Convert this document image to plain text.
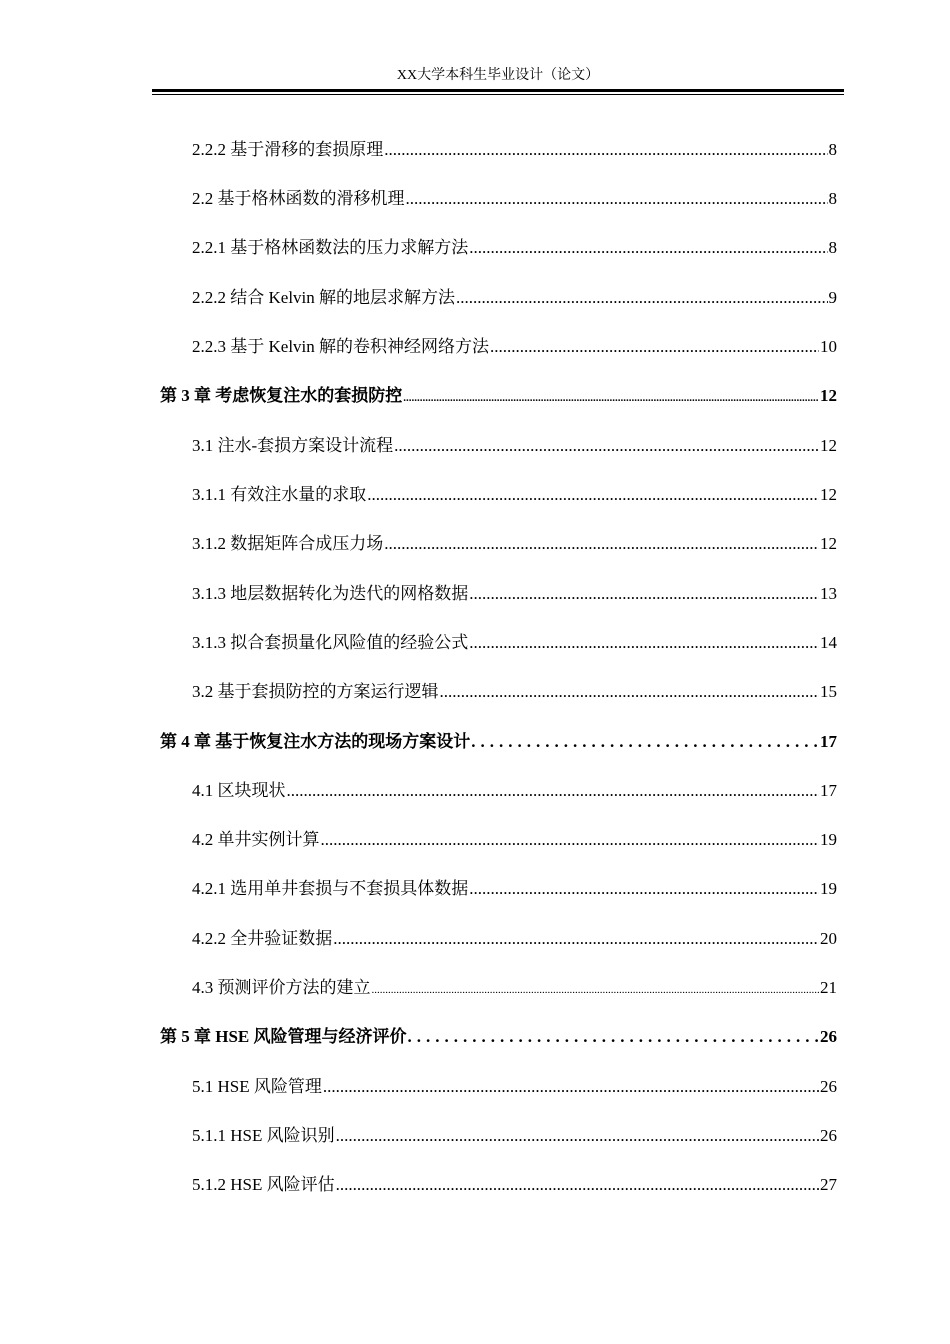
XX大学本科生毕业设计（论文）
2.2.2 基于滑移的套损原理 .....	8
2.2 基于格林函数的滑移机理 .....	8
2.2.1 基于格林函数法的压力求解方法 .....	8
2.2.2 结合 Kelvin 解的地层求解方法 .....	9
2.2.3 基于 Kelvin 解的卷积神经网络方法 .....	10
第 3 章 考虑恢复注水的套损防控 .....	12
3.1 注水-套损方案设计流程 .....	12
3.1.1 有效注水量的求取 .....	12
3.1.2 数据矩阵合成压力场 .....	12
3.1.3 地层数据转化为迭代的网格数据 .....	13
3.1.3 拟合套损量化风险值的经验公式 .....	14
3.2 基于套损防控的方案运行逻辑 .....	15
第 4 章 基于恢复注水方法的现场方案设计 .....	17
4.1 区块现状 .....	17
4.2 单井实例计算 .....	19
4.2.1 选用单井套损与不套损具体数据 .....	19
4.2.2 全井验证数据 .....	20
4.3 预测评价方法的建立 .....	21
第 5 章 HSE 风险管理与经济评价 .....	26
5.1 HSE 风险管理 .....	26
5.1.1 HSE 风险识别 .....	26
5.1.2 HSE 风险评估 .....	27
